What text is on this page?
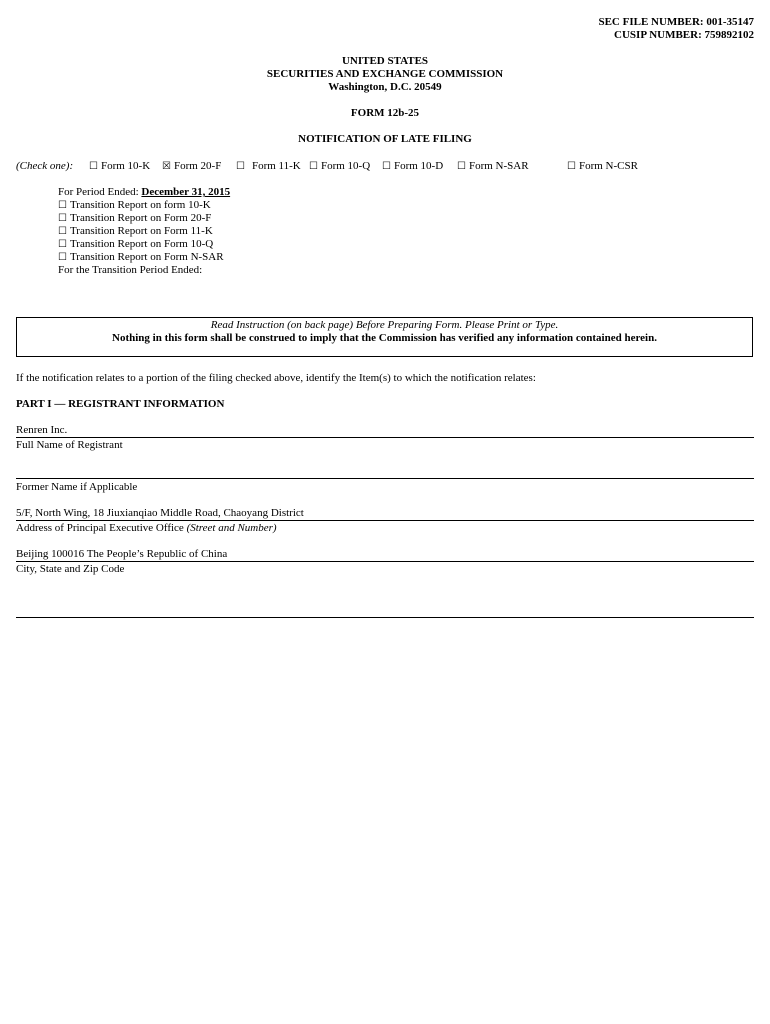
SEC FILE NUMBER: 001-35147
CUSIP NUMBER: 759892102
UNITED STATES
SECURITIES AND EXCHANGE COMMISSION
Washington, D.C. 20549
FORM 12b-25
NOTIFICATION OF LATE FILING
(Check one): ☐ Form 10-K ☒ Form 20-F ☐ Form 11-K ☐ Form 10-Q ☐ Form 10-D ☐ Form N-SAR	☐ Form N-CSR
For Period Ended: December 31, 2015
☐ Transition Report on form 10-K
☐ Transition Report on Form 20-F
☐ Transition Report on Form 11-K
☐ Transition Report on Form 10-Q
☐ Transition Report on Form N-SAR
For the Transition Period Ended:
Read Instruction (on back page) Before Preparing Form. Please Print or Type.
Nothing in this form shall be construed to imply that the Commission has verified any information contained herein.
If the notification relates to a portion of the filing checked above, identify the Item(s) to which the notification relates:
PART I — REGISTRANT INFORMATION
Renren Inc.
Full Name of Registrant
Former Name if Applicable
5/F, North Wing, 18 Jiuxianqiao Middle Road, Chaoyang District
Address of Principal Executive Office (Street and Number)
Beijing 100016 The People’s Republic of China
City, State and Zip Code
